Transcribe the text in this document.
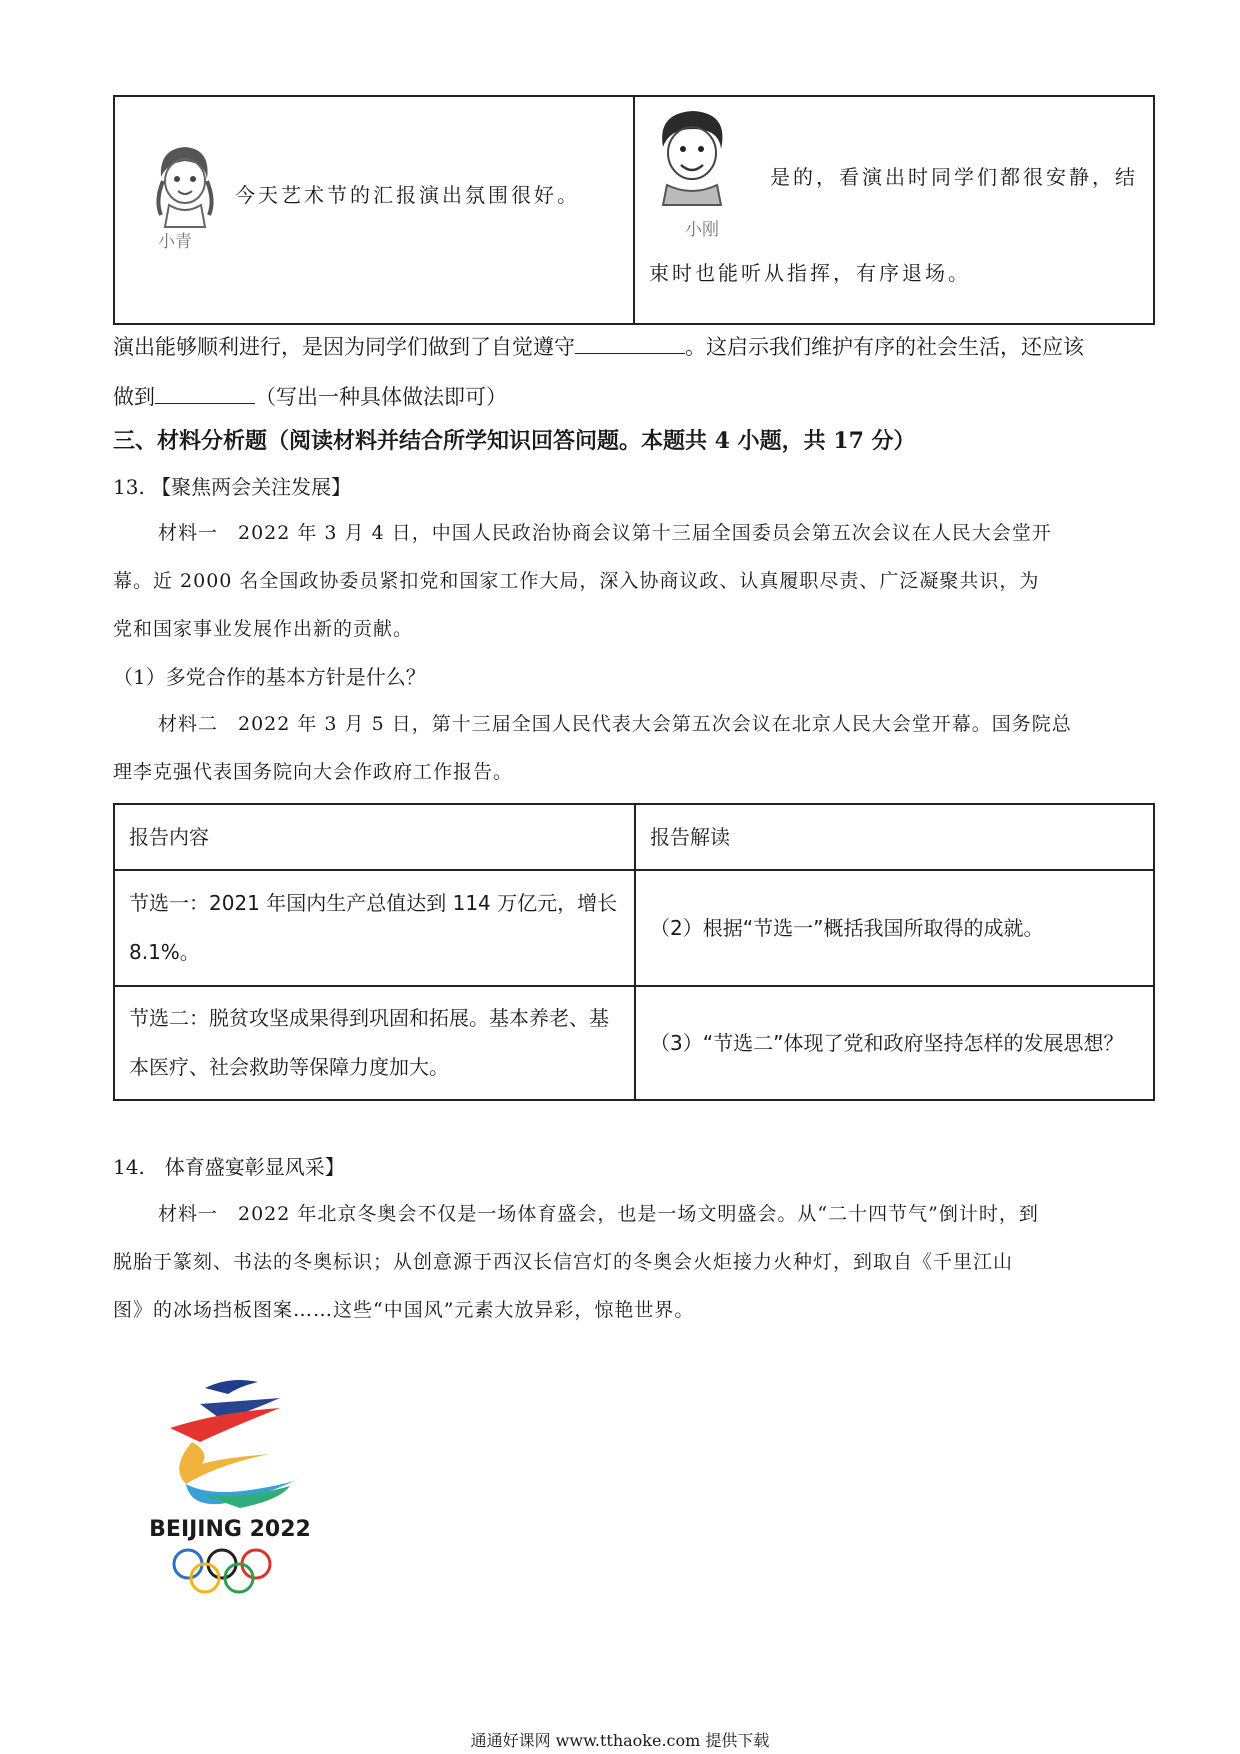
小青
今天艺术节的汇报演出氛围很好。
小刚
是的，看演出时同学们都很安静，结
束时也能听从指挥，有序退场。
演出能够顺利进行，是因为同学们做到了自觉遵守	。这启示我们维护有序的社会生活，还应该
做到	（写出一种具体做法即可）
三、材料分析题（阅读材料并结合所学知识回答问题。本题共 4 小题，共 17 分）
13. 【聚焦两会关注发展】
材料一　2022 年 3 月 4 日，中国人民政治协商会议第十三届全国委员会第五次会议在人民大会堂开
幕。近 2000 名全国政协委员紧扣党和国家工作大局，深入协商议政、认真履职尽责、广泛凝聚共识，为
党和国家事业发展作出新的贡献。
（1）多党合作的基本方针是什么？
材料二　2022 年 3 月 5 日，第十三届全国人民代表大会第五次会议在北京人民大会堂开幕。国务院总
理李克强代表国务院向大会作政府工作报告。
报告内容	报告解读
节选一：2021 年国内生产总值达到 114 万亿元，增长 8.1%。	（2）根据“节选一”概括我国所取得的成就。
节选二：脱贫攻坚成果得到巩固和拓展。基本养老、基本医疗、社会救助等保障力度加大。	（3）“节选二”体现了党和政府坚持怎样的发展思想？
14.　体育盛宴彰显风采】
材料一　2022 年北京冬奥会不仅是一场体育盛会，也是一场文明盛会。从“二十四节气”倒计时，到
脱胎于篆刻、书法的冬奥标识；从创意源于西汉长信宫灯的冬奥会火炬接力火种灯，到取自《千里江山
图》的冰场挡板图案……这些“中国风”元素大放异彩，惊艳世界。
BEIJING 2022
通通好课网 www.tthaoke.com 提供下载
